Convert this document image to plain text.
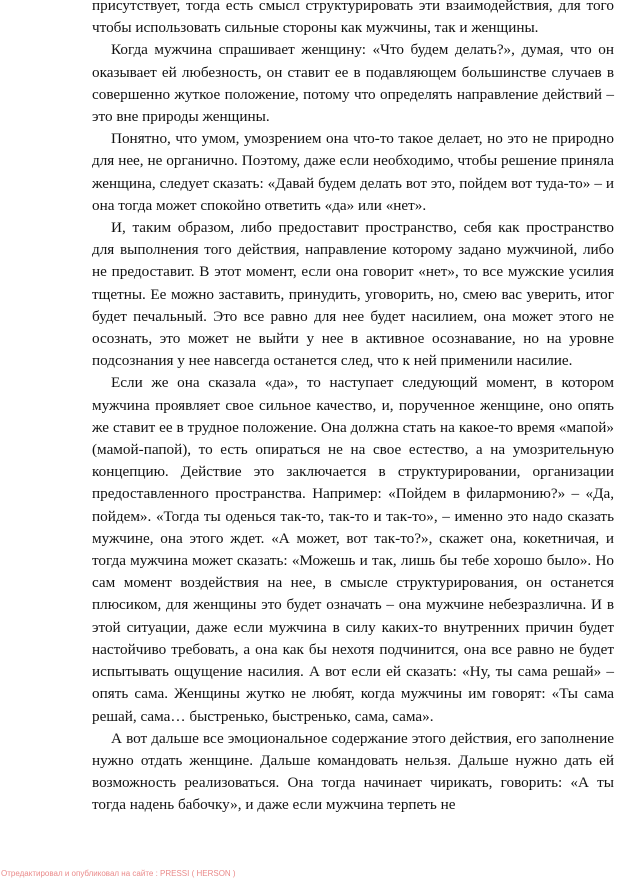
присутствует, тогда есть смысл структурировать эти взаимодействия, для того чтобы использовать сильные стороны как мужчины, так и женщины.

Когда мужчина спрашивает женщину: «Что будем делать?», думая, что он оказывает ей любезность, он ставит ее в подавляющем большинстве случаев в совершенно жуткое положение, потому что определять направление действий – это вне природы женщины.

Понятно, что умом, умозрением она что-то такое делает, но это не природно для нее, не органично. Поэтому, даже если необходимо, чтобы решение приняла женщина, следует сказать: «Давай будем делать вот это, пойдем вот туда-то» – и она тогда может спокойно ответить «да» или «нет».

И, таким образом, либо предоставит пространство, себя как пространство для выполнения того действия, направление которому задано мужчиной, либо не предоставит. В этот момент, если она говорит «нет», то все мужские усилия тщетны. Ее можно заставить, принудить, уговорить, но, смею вас уверить, итог будет печальный. Это все равно для нее будет насилием, она может этого не осознать, это может не выйти у нее в активное осознавание, но на уровне подсознания у нее навсегда останется след, что к ней применили насилие.

Если же она сказала «да», то наступает следующий момент, в котором мужчина проявляет свое сильное качество, и, порученное женщине, оно опять же ставит ее в трудное положение. Она должна стать на какое-то время «мапой» (мамой-папой), то есть опираться не на свое естество, а на умозрительную концепцию. Действие это заключается в структурировании, организации предоставленного пространства. Например: «Пойдем в филармонию?» – «Да, пойдем». «Тогда ты оденься так-то, так-то и так-то», – именно это надо сказать мужчине, она этого ждет. «А может, вот так-то?», скажет она, кокетничая, и тогда мужчина может сказать: «Можешь и так, лишь бы тебе хорошо было». Но сам момент воздействия на нее, в смысле структурирования, он останется плюсиком, для женщины это будет означать – она мужчине небезразлична. И в этой ситуации, даже если мужчина в силу каких-то внутренних причин будет настойчиво требовать, а она как бы нехотя подчинится, она все равно не будет испытывать ощущение насилия. А вот если ей сказать: «Ну, ты сама решай» – опять сама. Женщины жутко не любят, когда мужчины им говорят: «Ты сама решай, сама… быстренько, быстренько, сама, сама».

А вот дальше все эмоциональное содержание этого действия, его заполнение нужно отдать женщине. Дальше командовать нельзя. Дальше нужно дать ей возможность реализоваться. Она тогда начинает чирикать, говорить: «А ты тогда надень бабочку», и даже если мужчина терпеть не

Отредактировал и опубликовал на сайте : PRESSI ( HERSON )
